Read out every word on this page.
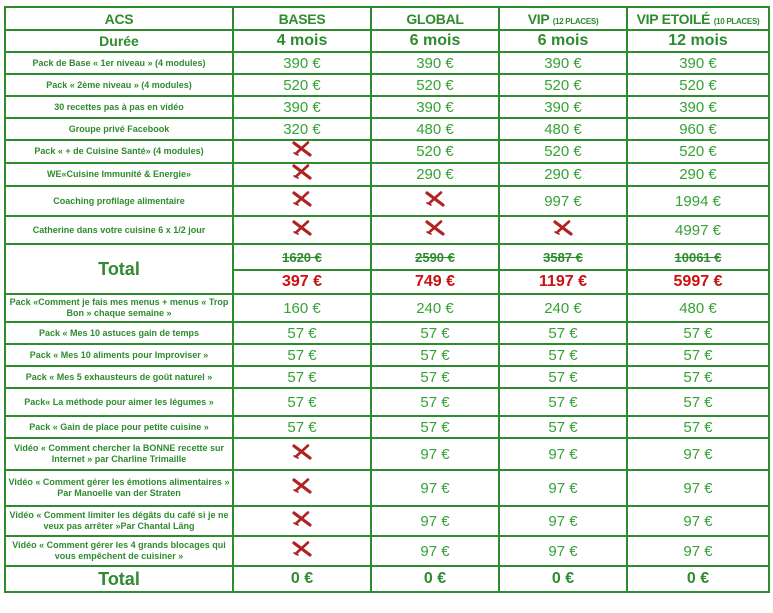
ACS	BASES	GLOBAL	VIP (12 PLACES)	VIP ETOILÉ (10 PLACES)
Durée	4 mois	6 mois	6 mois	12 mois
Pack de Base « 1er niveau » (4 modules)	390 €	390 €	390 €	390 €
Pack « 2ème niveau » (4 modules)	520 €	520 €	520 €	520 €
30 recettes pas à pas en vidéo	390 €	390 €	390 €	390 €
Groupe privé Facebook	320 €	480 €	480 €	960 €
Pack « + de Cuisine Santé» (4 modules)		520 €	520 €	520 €
WE«Cuisine Immunité & Energie»		290 €	290 €	290 €
Coaching profilage alimentaire			997 €	1994 €
Catherine dans votre cuisine 6 x 1/2 jour				4997 €
Total	1620 €	2590 €	3587 €	10061 €
	397 €	749 €	1197 €	5997 €
Pack «Comment je fais mes menus + menus « Trop Bon » chaque semaine »	160 €	240 €	240 €	480 €
Pack « Mes 10 astuces gain de temps	57 €	57 €	57 €	57 €
Pack « Mes 10 aliments pour Improviser »	57 €	57 €	57 €	57 €
Pack « Mes 5 exhausteurs de goût naturel »	57 €	57 €	57 €	57 €
Pack« La méthode pour aimer les légumes »	57 €	57 €	57 €	57 €
Pack « Gain de place pour petite cuisine »	57 €	57 €	57 €	57 €
Vidéo « Comment chercher la BONNE recette sur Internet » par Charline Trimaille		97 €	97 €	97 €
Vidéo « Comment gérer les émotions alimentaires » Par Manoelle van der Straten		97 €	97 €	97 €
Vidéo « Comment limiter les dégâts du café si je ne veux pas arrêter »Par Chantal Läng		97 €	97 €	97 €
Vidéo « Comment gérer les 4 grands blocages qui vous empêchent de cuisiner »		97 €	97 €	97 €
Total	0 €	0 €	0 €	0 €
